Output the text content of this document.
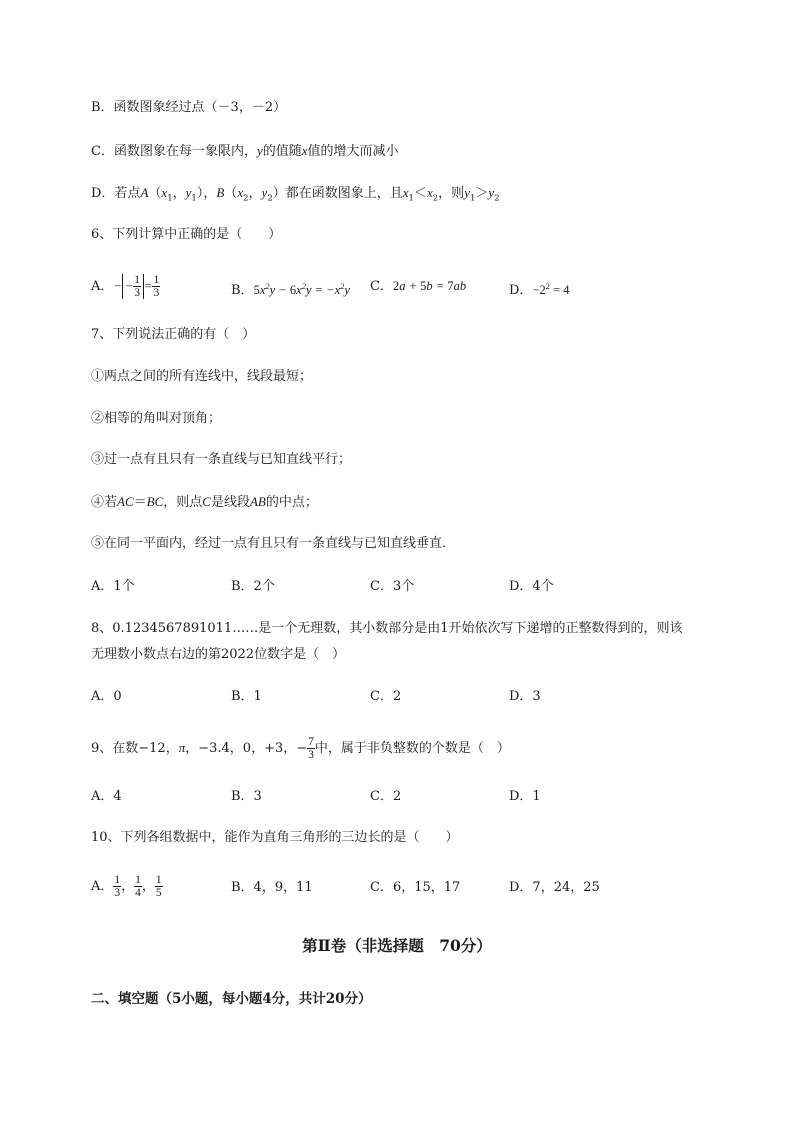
B．函数图象经过点（－3，－2）
C．函数图象在每一象限内，y的值随x值的增大而减小
D．若点$A(x_1$，$y_1$），$B(x_2$，$y_2$）都在函数图象上，且$x_1<x_2$，则$y_1>y_2$
6、下列计算中正确的是（　　）
A．− − $\frac{1}{3} = \frac{1}{3}$	B．$5x^2y - 6x^2y = -x^2y$ C．2a + 5b = 7ab	D．$-2^2 = 4$
7、下列说法正确的有（　）
①两点之间的所有连线中，线段最短；
②相等的角叫对顶角；
③过一点有且只有一条直线与已知直线平行；
④若AC＝BC，则点C是线段AB的中点；
⑤在同一平面内，经过一点有且只有一条直线与已知直线垂直．
A．1个	B．2个	C．3个	D．4个
8、0.1234567891011……是一个无理数，其小数部分是由1开始依次写下递增的正整数得到的，则该
无理数小数点右边的第2022位数字是（　）
A．0	B．1	C．2	D．3
9、在数−12，π，−3.4，0，+3，− $\frac{7}{3}$ 中，属于非负整数的个数是（　）
A．4	B．3	C．2	D．1
10、下列各组数据中，能作为直角三角形的三边长的是（　　）
A． $\frac{1}{3}$ ， $\frac{1}{4}$ ， $\frac{1}{5}$	B．4，9，11	C．6，15，17	D．7，24，25
第Ⅱ卷（非选择题　70分）
二、填空题（5小题，每小题4分，共计20分）
